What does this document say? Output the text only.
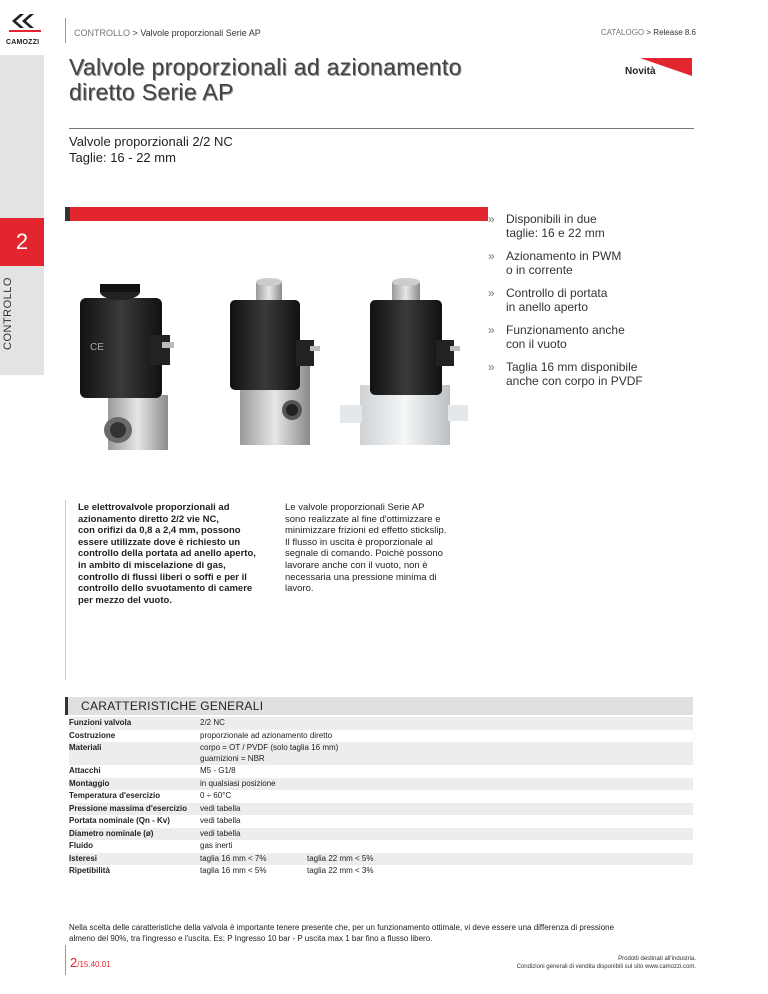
CAMOZZI
CONTROLLO > Valvole proporzionali Serie AP	CATALOGO > Release 8.6
2
CONTROLLO
Valvole proporzionali ad azionamento
diretto Serie AP
Novità
Valvole proporzionali 2/2 NC
Taglie: 16 - 22 mm
» Disponibili in due
taglie: 16 e 22 mm
» Azionamento in PWM
o in corrente
» Controllo di portata
in anello aperto
» Funzionamento anche
con il vuoto
» Taglia 16 mm disponibile
anche con corpo in PVDF
CE
Le elettrovalvole proporzionali ad
azionamento diretto 2/2 vie NC,
con orifizi da 0,8 a 2,4 mm, possono
essere utilizzate dove è richiesto un
controllo della portata ad anello aperto,
in ambito di miscelazione di gas,
controllo di flussi liberi o soffi e per il
controllo dello svuotamento di camere
per mezzo del vuoto.
Le valvole proporzionali Serie AP
sono realizzate al fine d'ottimizzare e
minimizzare frizioni ed effetto stickslip.
Il flusso in uscita è proporzionale al
segnale di comando. Poichè possono
lavorare anche con il vuoto, non è
necessaria una pressione minima di
lavoro.
CARATTERISTICHE GENERALI
Funzioni valvola	2/2 NC	
Costruzione	proporzionale ad azionamento diretto	
Materiali	corpo = OT / PVDF (solo taglia 16 mm)
guarnizioni = NBR	

Attacchi	M5 - G1/8	
Montaggio	in qualsiasi posizione	
Temperatura d'esercizio	0 ÷ 60°C	
Pressione massima d'esercizio	vedi tabella	
Portata nominale (Qn - Kv)	vedi tabella	
Diametro nominale (ø)	vedi tabella	
Fluido	gas inerti	
Isteresi	taglia 16 mm < 7%	taglia 22 mm < 5%
Ripetibilità	taglia 16 mm < 5%	taglia 22 mm < 3%
Nella scelta delle caratteristiche della valvola è importante tenere presente che, per un funzionamento ottimale, vi deve essere una differenza di pressione
almeno del 90%, tra l'ingresso e l'uscita. Es: P Ingresso 10 bar - P uscita max 1 bar fino a flusso libero.
2/15.40.01
Prodotti destinati all'industria.
Condizioni generali di vendita disponibili sul sito www.camozzi.com.
